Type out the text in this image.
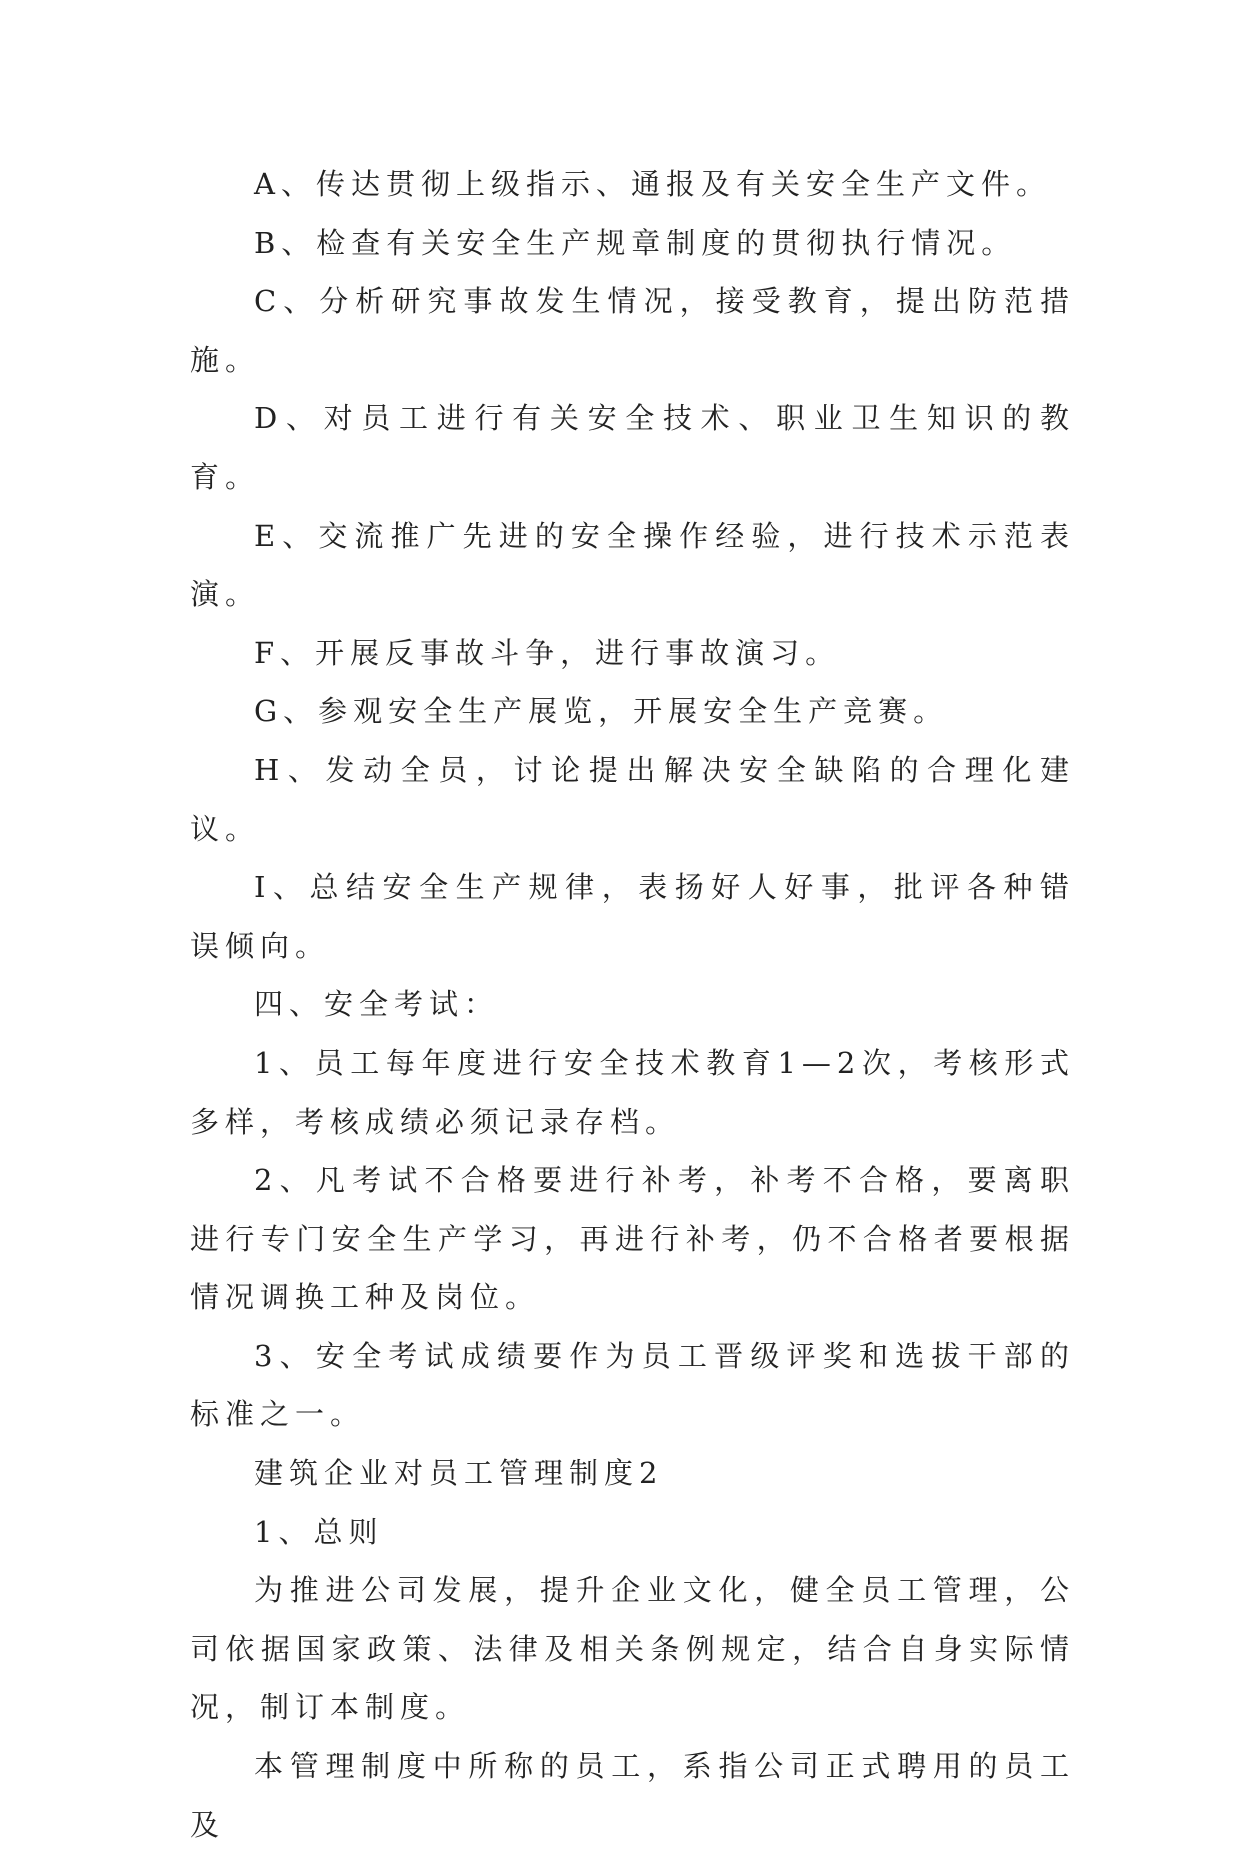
A、传达贯彻上级指示、通报及有关安全生产文件。

B、检查有关安全生产规章制度的贯彻执行情况。

C、分析研究事故发生情况，接受教育，提出防范措施。

D、对员工进行有关安全技术、职业卫生知识的教育。

E、交流推广先进的安全操作经验，进行技术示范表演。

F、开展反事故斗争，进行事故演习。

G、参观安全生产展览，开展安全生产竞赛。

H、发动全员，讨论提出解决安全缺陷的合理化建议。

I、总结安全生产规律，表扬好人好事，批评各种错误倾向。

四、安全考试：

1、员工每年度进行安全技术教育1—2次，考核形式多样，考核成绩必须记录存档。

2、凡考试不合格要进行补考，补考不合格，要离职进行专门安全生产学习，再进行补考，仍不合格者要根据情况调换工种及岗位。

3、安全考试成绩要作为员工晋级评奖和选拔干部的标准之一。

建筑企业对员工管理制度2

1、总则

为推进公司发展，提升企业文化，健全员工管理，公司依据国家政策、法律及相关条例规定，结合自身实际情况，制订本制度。

本管理制度中所称的员工，系指公司正式聘用的员工及
